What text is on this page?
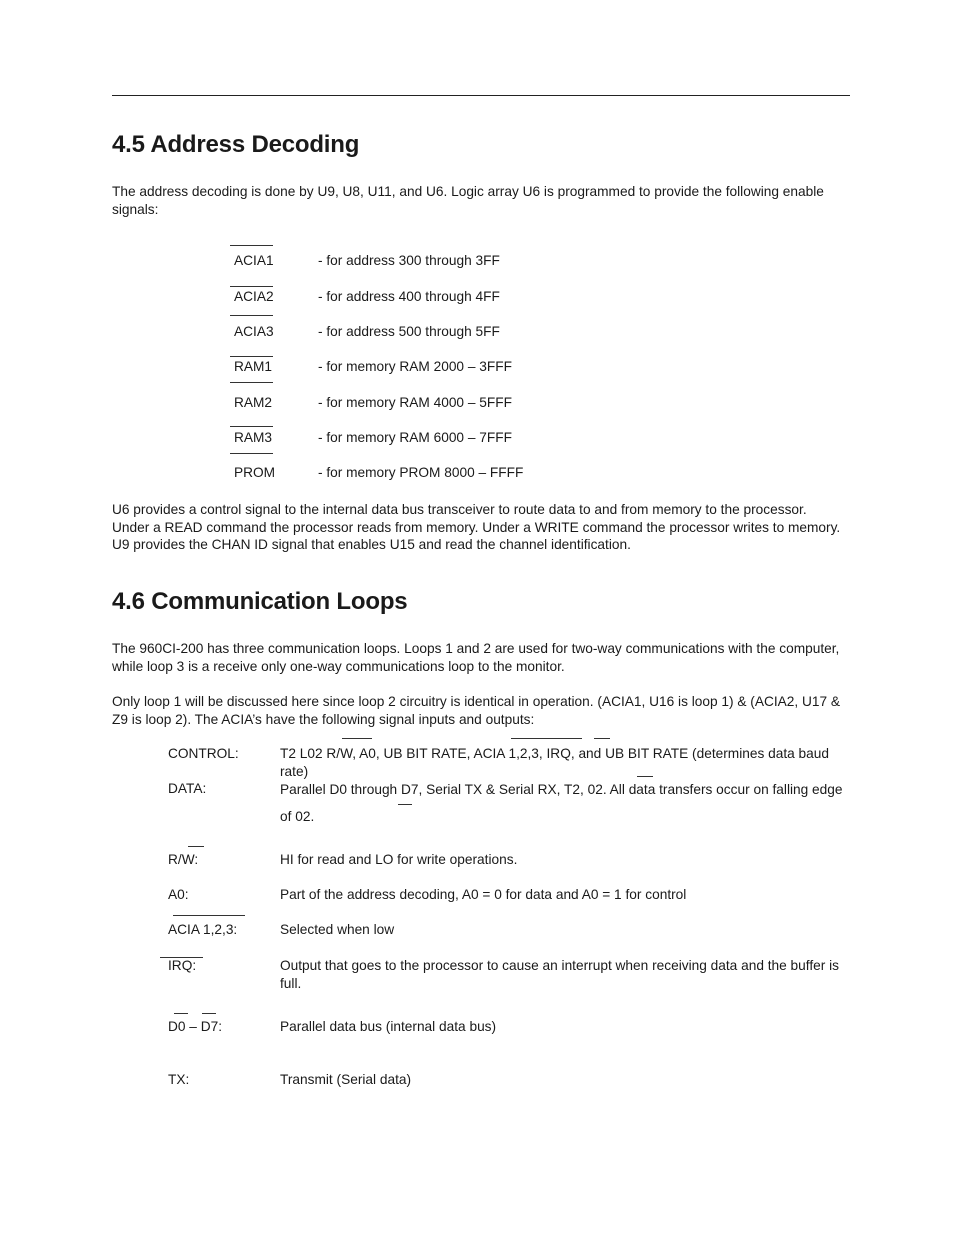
4.5 Address Decoding

The address decoding is done by U9, U8, U11, and U6. Logic array U6 is programmed to provide the following enable signals:

ACIA1	- for address 300 through 3FF
ACIA2	- for address 400 through 4FF
ACIA3	- for address 500 through 5FF
RAM1	- for memory RAM 2000 – 3FFF
RAM2	- for memory RAM 4000 – 5FFF
RAM3	- for memory RAM 6000 – 7FFF
PROM	- for memory PROM 8000 – FFFF

U6 provides a control signal to the internal data bus transceiver to route data to and from memory to the processor. Under a READ command the processor reads from memory. Under a WRITE command the processor writes to memory. U9 provides the CHAN ID signal that enables U15 and read the channel identification.

4.6 Communication Loops

The 960CI-200 has three communication loops. Loops 1 and 2 are used for two-way communications with the computer, while loop 3 is a receive only one-way communications loop to the monitor.

Only loop 1 will be discussed here since loop 2 circuitry is identical in operation. (ACIA1, U16 is loop 1) & (ACIA2, U17 & Z9 is loop 2). The ACIA’s have the following signal inputs and outputs:

CONTROL:	T2 L02 R/W, A0, UB BIT RATE, ACIA 1,2,3, IRQ, and UB BIT RATE (determines data baud rate)
DATA:	Parallel D0 through D7, Serial TX & Serial RX, T2, 02. All data transfers occur on falling edge of 02.
R/W:	HI for read and LO for write operations.
A0:	Part of the address decoding, A0 = 0 for data and A0 = 1 for control
ACIA 1,2,3:	Selected when low
IRQ:	Output that goes to the processor to cause an interrupt when receiving data and the buffer is full.
D0 – D7:	Parallel data bus (internal data bus)
TX:	Transmit (Serial data)
